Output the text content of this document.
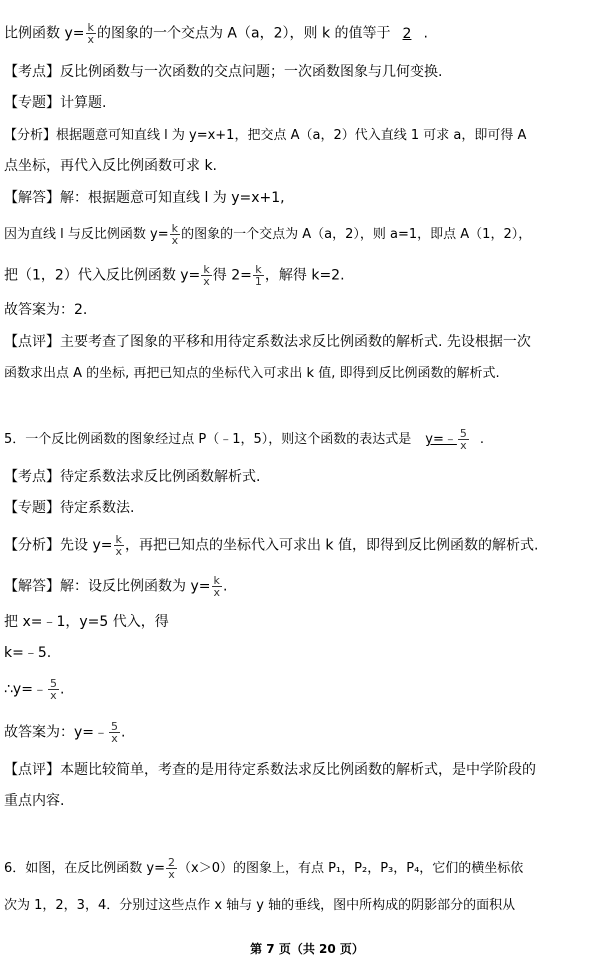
比例函数 $y= \frac{k}{x}$ 的图象的一个交点为 A（a，2），则 k 的值等于 2 .
【考点】反比例函数与一次函数的交点问题；一次函数图象与几何变换.
【专题】计算题.
【分析】根据题意可知直线 l 为 y=x+1，把交点 A（a，2）代入直线 1 可求 a，即可得 A
点坐标，再代入反比例函数可求 k.
【解答】解：根据题意可知直线 l 为 y=x+1,
因为直线 l 与反比例函数 $y= \frac{k}{x}$ 的图象的一个交点为 A（a，2），则 a=1，即点 A（1，2），
把（1，2）代入反比例函数 $y= \frac{k}{x}$ 得 $2= \frac{k}{1}$ ，解得 k=2.
故答案为：2.
【点评】主要考查了图象的平移和用待定系数法求反比例函数的解析式. 先设根据一次
函数求出点 A 的坐标, 再把已知点的坐标代入可求出 k 值, 即得到反比例函数的解析式.
5．一个反比例函数的图象经过点 P（﹣1，5），则这个函数的表达式是 y=﹣ $\frac{5}{x}$ .
【考点】待定系数法求反比例函数解析式.
【专题】待定系数法.
【分析】先设 $y= \frac{k}{x}$ ，再把已知点的坐标代入可求出 k 值，即得到反比例函数的解析式.
【解答】解：设反比例函数为 $y= \frac{k}{x}$ .
把 x=﹣1，y=5 代入，得
k=﹣5.
∴y=﹣ $\frac{5}{x}$ .
故答案为：y=﹣ $\frac{5}{x}$ .
【点评】本题比较简单，考查的是用待定系数法求反比例函数的解析式，是中学阶段的
重点内容.
6．如图，在反比例函数 $y= \frac{2}{x} (x>0)$的图象上，有点 P₁，P₂，P₃，P₄，它们的横坐标依
次为 1，2，3，4．分别过这些点作 x 轴与 y 轴的垂线，图中所构成的阴影部分的面积从
第 7 页（共 20 页）
